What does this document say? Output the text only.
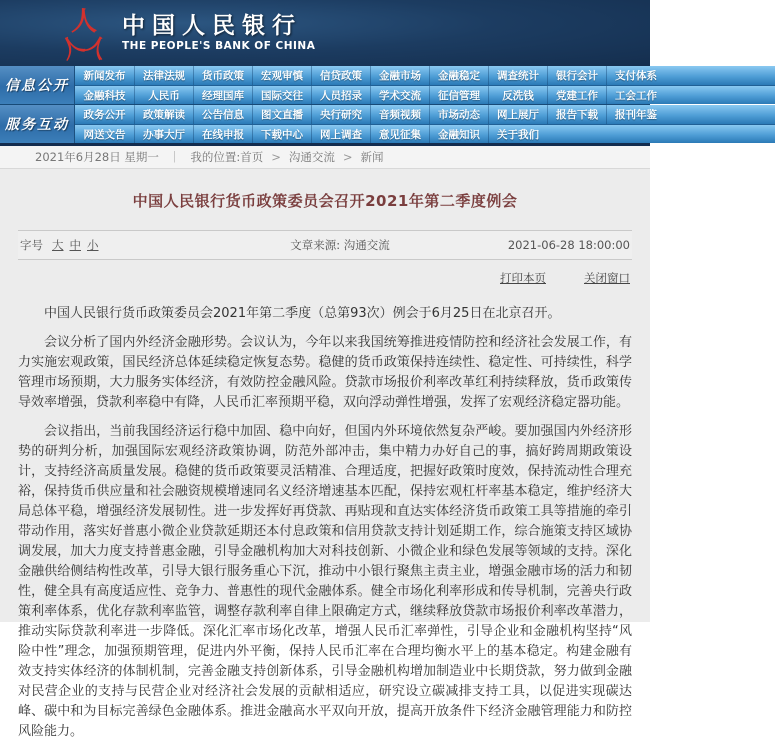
人
人
人
中国人民银行
THE PEOPLE'S BANK OF CHINA
信息公开
新闻发布	法律法规	货币政策	宏观审慎	信贷政策	金融市场	金融稳定	调查统计	银行会计	支付体系
金融科技	人民币	经理国库	国际交往	人员招录	学术交流	征信管理	反洗钱	党建工作	工会工作
服务互动
政务公开	政策解读	公告信息	图文直播	央行研究	音频视频	市场动态	网上展厅	报告下载	报刊年鉴
网送文告	办事大厅	在线申报	下载中心	网上调查	意见征集	金融知识	关于我们
2021年6月28日 星期一 ｜ 我的位置: 首页 > 沟通交流 > 新闻
中国人民银行货币政策委员会召开2021年第二季度例会
字号 大 中 小	文章来源: 沟通交流	2021-06-28 18:00:00
打印本页	关闭窗口

中国人民银行货币政策委员会2021年第二季度（总第93次）例会于6月25日在北京召开。

会议分析了国内外经济金融形势。会议认为，今年以来我国统筹推进疫情防控和经济社会发展工作，有力实施宏观政策，国民经济总体延续稳定恢复态势。稳健的货币政策保持连续性、稳定性、可持续性，科学管理市场预期，大力服务实体经济，有效防控金融风险。贷款市场报价利率改革红利持续释放，货币政策传导效率增强，贷款利率稳中有降，人民币汇率预期平稳，双向浮动弹性增强，发挥了宏观经济稳定器功能。

会议指出，当前我国经济运行稳中加固、稳中向好，但国内外环境依然复杂严峻。要加强国内外经济形势的研判分析，加强国际宏观经济政策协调，防范外部冲击，集中精力办好自己的事，搞好跨周期政策设计，支持经济高质量发展。稳健的货币政策要灵活精准、合理适度，把握好政策时度效，保持流动性合理充裕，保持货币供应量和社会融资规模增速同名义经济增速基本匹配，保持宏观杠杆率基本稳定，维护经济大局总体平稳，增强经济发展韧性。进一步发挥好再贷款、再贴现和直达实体经济货币政策工具等措施的牵引带动作用，落实好普惠小微企业贷款延期还本付息政策和信用贷款支持计划延期工作，综合施策支持区域协调发展，加大力度支持普惠金融，引导金融机构加大对科技创新、小微企业和绿色发展等领域的支持。深化金融供给侧结构性改革，引导大银行服务重心下沉，推动中小银行聚焦主责主业，增强金融市场的活力和韧性，健全具有高度适应性、竞争力、普惠性的现代金融体系。健全市场化利率形成和传导机制，完善央行政策利率体系，优化存款利率监管，调整存款利率自律上限确定方式，继续释放贷款市场报价利率改革潜力，推动实际贷款利率进一步降低。深化汇率市场化改革，增强人民币汇率弹性，引导企业和金融机构坚持“风险中性”理念，加强预期管理，促进内外平衡，保持人民币汇率在合理均衡水平上的基本稳定。构建金融有效支持实体经济的体制机制，完善金融支持创新体系，引导金融机构增加制造业中长期贷款，努力做到金融对民营企业的支持与民营企业对经济社会发展的贡献相适应，研究设立碳减排支持工具，以促进实现碳达峰、碳中和为目标完善绿色金融体系。推进金融高水平双向开放，提高开放条件下经济金融管理能力和防控风险能力。
